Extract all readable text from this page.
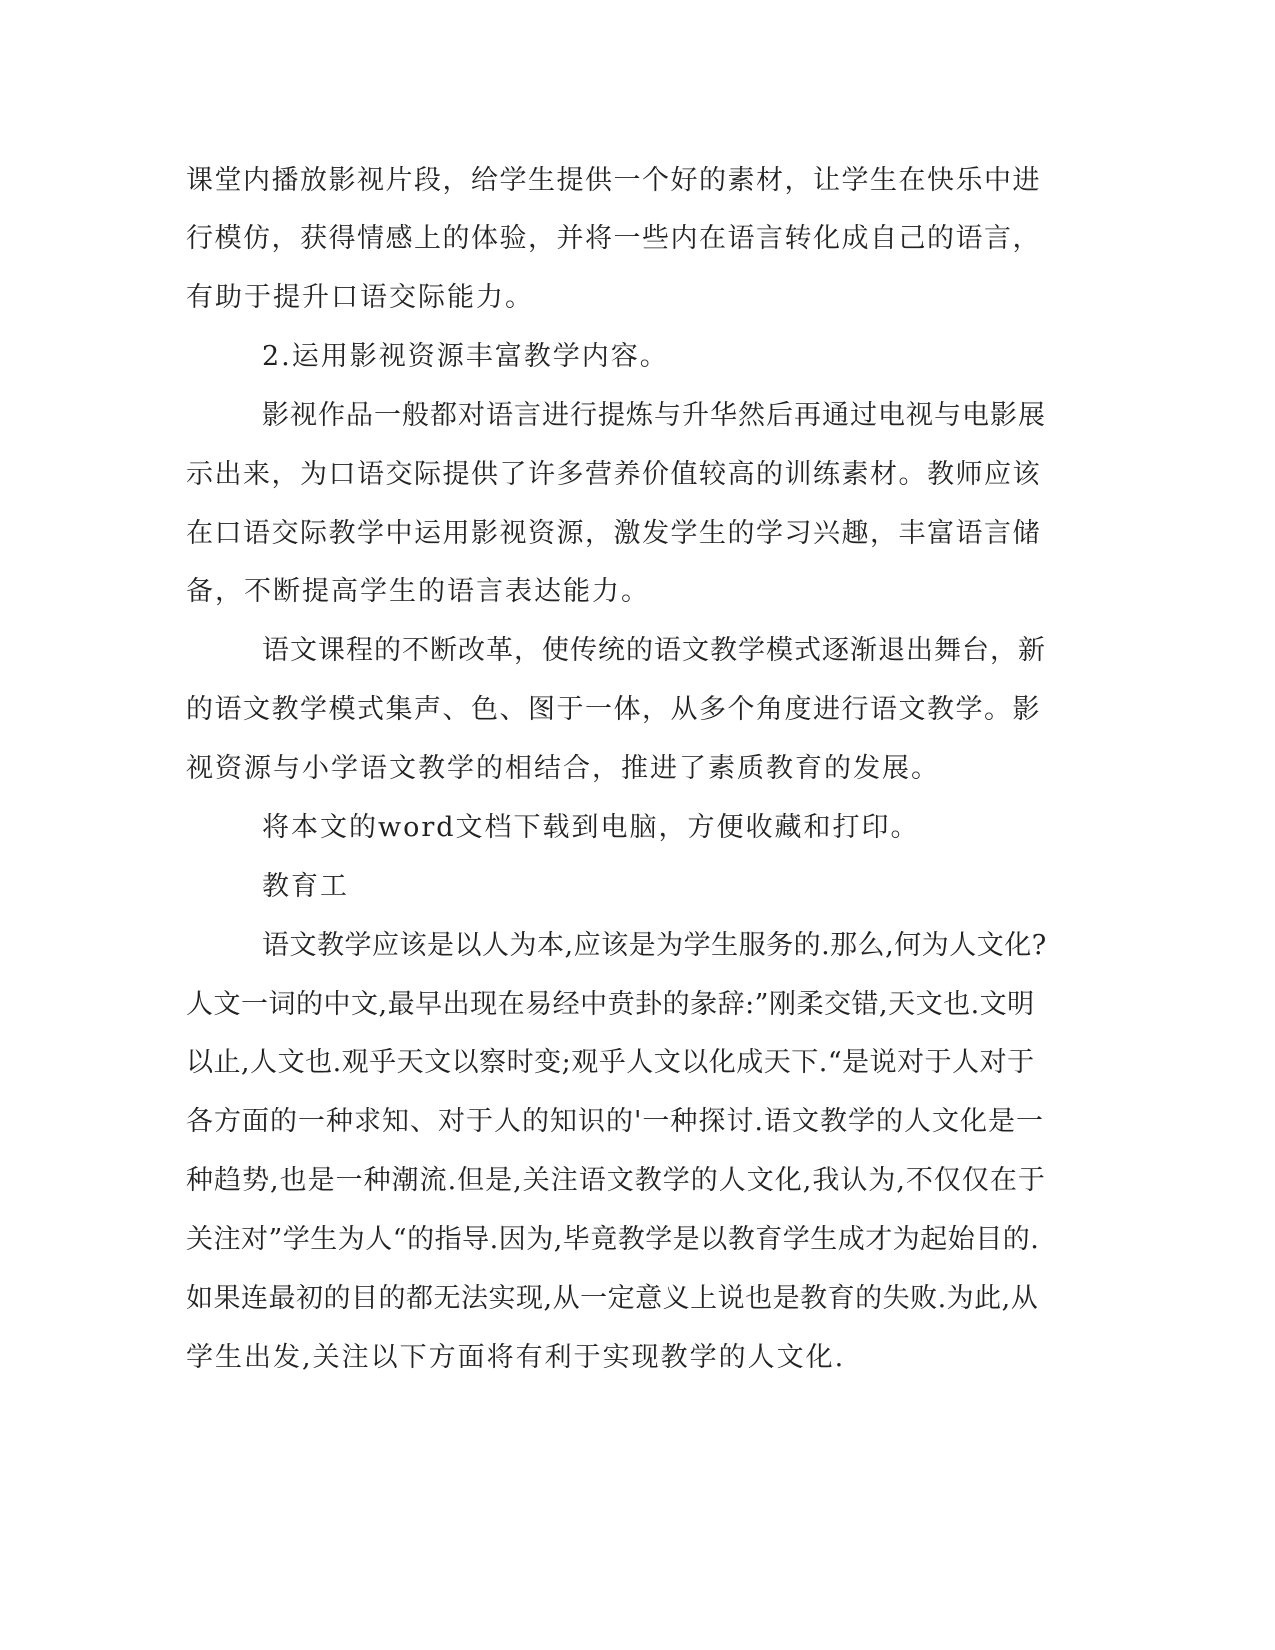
课堂内播放影视片段，给学生提供一个好的素材，让学生在快乐中进
行模仿，获得情感上的体验，并将一些内在语言转化成自己的语言，
有助于提升口语交际能力。
2.运用影视资源丰富教学内容。
影视作品一般都对语言进行提炼与升华然后再通过电视与电影展
示出来，为口语交际提供了许多营养价值较高的训练素材。教师应该
在口语交际教学中运用影视资源，激发学生的学习兴趣，丰富语言储
备，不断提高学生的语言表达能力。
语文课程的不断改革，使传统的语文教学模式逐渐退出舞台，新
的语文教学模式集声、色、图于一体，从多个角度进行语文教学。影
视资源与小学语文教学的相结合，推进了素质教育的发展。
将本文的word文档下载到电脑，方便收藏和打印。
教育工
语文教学应该是以人为本,应该是为学生服务的.那么,何为人文化?
人文一词的中文,最早出现在易经中贲卦的彖辞:”刚柔交错,天文也.文明
以止,人文也.观乎天文以察时变;观乎人文以化成天下.“是说对于人对于
各方面的一种求知、对于人的知识的'一种探讨.语文教学的人文化是一
种趋势,也是一种潮流.但是,关注语文教学的人文化,我认为,不仅仅在于
关注对”学生为人“的指导.因为,毕竟教学是以教育学生成才为起始目的.
如果连最初的目的都无法实现,从一定意义上说也是教育的失败.为此,从
学生出发,关注以下方面将有利于实现教学的人文化.
